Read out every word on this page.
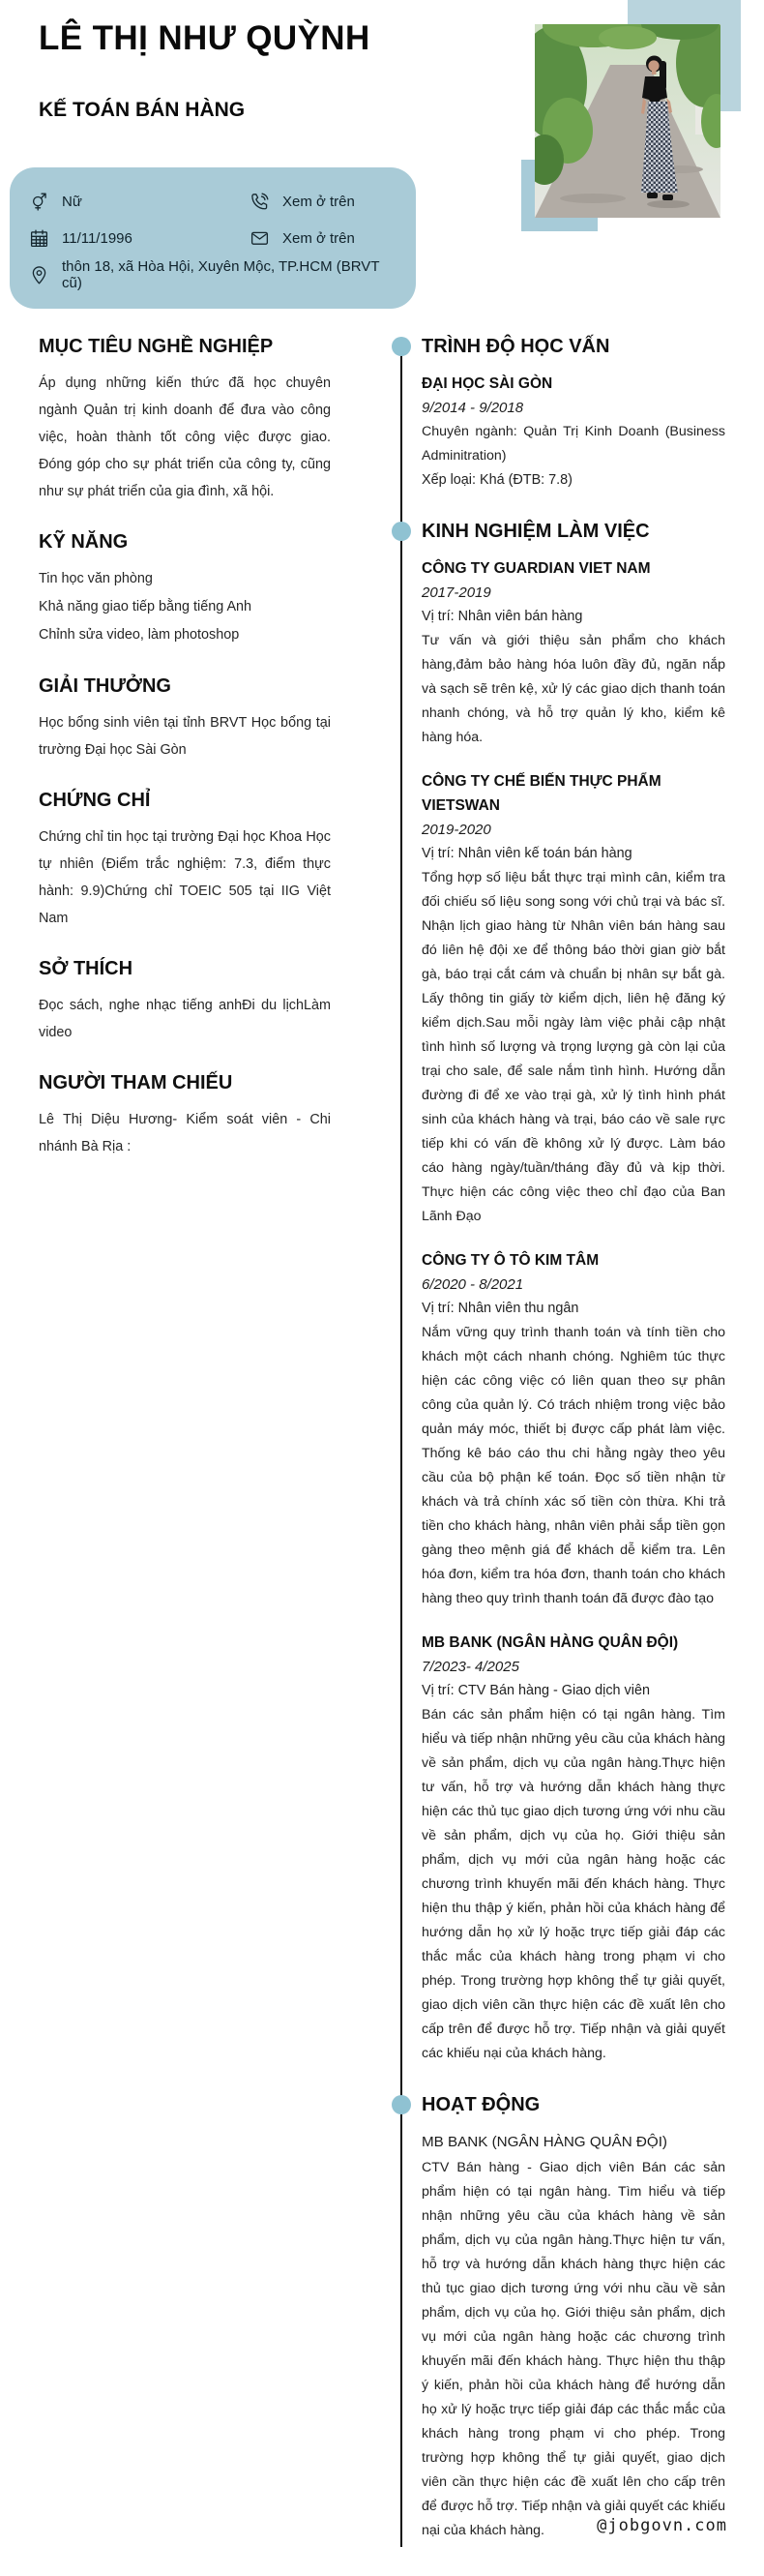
LÊ THỊ NHƯ QUỲNH
KẾ TOÁN BÁN HÀNG
Nữ	Xem ở trên
11/11/1996	Xem ở trên
thôn 18, xã Hòa Hội, Xuyên Mộc, TP.HCM (BRVT cũ)
MỤC TIÊU NGHỀ NGHIỆP
Áp dụng những kiến thức đã học chuyên ngành Quản trị kinh doanh để đưa vào công việc, hoàn thành tốt công việc được giao. Đóng góp cho sự phát triển của công ty, cũng như sự phát triển của gia đình, xã hội.
KỸ NĂNG
Tin học văn phòng
Khả năng giao tiếp bằng tiếng Anh
Chỉnh sửa video, làm photoshop
GIẢI THƯỞNG
Học bổng sinh viên tại tỉnh BRVT Học bổng tại trường Đại học Sài Gòn
CHỨNG CHỈ
Chứng chỉ tin học tại trường Đại học Khoa Học tự nhiên (Điểm trắc nghiệm: 7.3, điểm thực hành: 9.9)Chứng chỉ TOEIC 505 tại IIG Việt Nam
SỞ THÍCH
Đọc sách, nghe nhạc tiếng anhĐi du lịchLàm video
NGƯỜI THAM CHIẾU
Lê Thị Diệu Hương- Kiểm soát viên - Chi nhánh Bà Rịa :
TRÌNH ĐỘ HỌC VẤN
ĐẠI HỌC SÀI GÒN
9/2014 - 9/2018
Chuyên ngành: Quản Trị Kinh Doanh (Business Adminitration)
Xếp loại: Khá (ĐTB: 7.8)
KINH NGHIỆM LÀM VIỆC
CÔNG TY GUARDIAN VIET NAM
2017-2019
Vị trí: Nhân viên bán hàng
Tư vấn và giới thiệu sản phẩm cho khách hàng,đảm bảo hàng hóa luôn đầy đủ, ngăn nắp và sạch sẽ trên kệ, xử lý các giao dịch thanh toán nhanh chóng, và hỗ trợ quản lý kho, kiểm kê hàng hóa.
CÔNG TY CHẾ BIẾN THỰC PHẨM VIETSWAN
2019-2020
Vị trí: Nhân viên kế toán bán hàng
Tổng hợp số liệu bắt thực trại mình cân, kiểm tra đối chiếu số liệu song song với chủ trại và bác sĩ. Nhận lịch giao hàng từ Nhân viên bán hàng sau đó liên hệ đội xe để thông báo thời gian giờ bắt gà, báo trại cắt cám và chuẩn bị nhân sự bắt gà. Lấy thông tin giấy tờ kiểm dịch, liên hệ đăng ký kiểm dịch.Sau mỗi ngày làm việc phải cập nhật tình hình số lượng và trọng lượng gà còn lại của trại cho sale, để sale nắm tình hình. Hướng dẫn đường đi để xe vào trại gà, xử lý tình hình phát sinh của khách hàng và trại, báo cáo về sale rực tiếp khi có vấn đề không xử lý được. Làm báo cáo hàng ngày/tuần/tháng đầy đủ và kịp thời. Thực hiện các công việc theo chỉ đạo của Ban Lãnh Đạo
CÔNG TY Ô TÔ KIM TÂM
6/2020 - 8/2021
Vị trí: Nhân viên thu ngân
Nắm vững quy trình thanh toán và tính tiền cho khách một cách nhanh chóng. Nghiêm túc thực hiện các công việc có liên quan theo sự phân công của quản lý. Có trách nhiệm trong việc bảo quản máy móc, thiết bị được cấp phát làm việc. Thống kê báo cáo thu chi hằng ngày theo yêu cầu của bộ phận kế toán. Đọc số tiền nhận từ khách và trả chính xác số tiền còn thừa. Khi trả tiền cho khách hàng, nhân viên phải sắp tiền gọn gàng theo mệnh giá để khách dễ kiểm tra. Lên hóa đơn, kiểm tra hóa đơn, thanh toán cho khách hàng theo quy trình thanh toán đã được đào tạo
MB BANK (NGÂN HÀNG QUÂN ĐỘI)
7/2023- 4/2025
Vị trí: CTV Bán hàng - Giao dịch viên
Bán các sản phẩm hiện có tại ngân hàng. Tìm hiểu và tiếp nhận những yêu cầu của khách hàng về sản phẩm, dịch vụ của ngân hàng.Thực hiện tư vấn, hỗ trợ và hướng dẫn khách hàng thực hiện các thủ tục giao dịch tương ứng với nhu cầu về sản phẩm, dịch vụ của họ. Giới thiệu sản phẩm, dịch vụ mới của ngân hàng hoặc các chương trình khuyến mãi đến khách hàng. Thực hiện thu thập ý kiến, phản hồi của khách hàng để hướng dẫn họ xử lý hoặc trực tiếp giải đáp các thắc mắc của khách hàng trong phạm vi cho phép. Trong trường hợp không thể tự giải quyết, giao dịch viên cần thực hiện các đề xuất lên cho cấp trên để được hỗ trợ. Tiếp nhận và giải quyết các khiếu nại của khách hàng.
HOẠT ĐỘNG
MB BANK (NGÂN HÀNG QUÂN ĐỘI)
CTV Bán hàng - Giao dịch viên Bán các sản phẩm hiện có tại ngân hàng. Tìm hiểu và tiếp nhận những yêu cầu của khách hàng về sản phẩm, dịch vụ của ngân hàng.Thực hiện tư vấn, hỗ trợ và hướng dẫn khách hàng thực hiện các thủ tục giao dịch tương ứng với nhu cầu về sản phẩm, dịch vụ của họ. Giới thiệu sản phẩm, dịch vụ mới của ngân hàng hoặc các chương trình khuyến mãi đến khách hàng. Thực hiện thu thập ý kiến, phản hồi của khách hàng để hướng dẫn họ xử lý hoặc trực tiếp giải đáp các thắc mắc của khách hàng trong phạm vi cho phép. Trong trường hợp không thể tự giải quyết, giao dịch viên cần thực hiện các đề xuất lên cho cấp trên để được hỗ trợ. Tiếp nhận và giải quyết các khiếu nại của khách hàng.	@jobgovn.com
